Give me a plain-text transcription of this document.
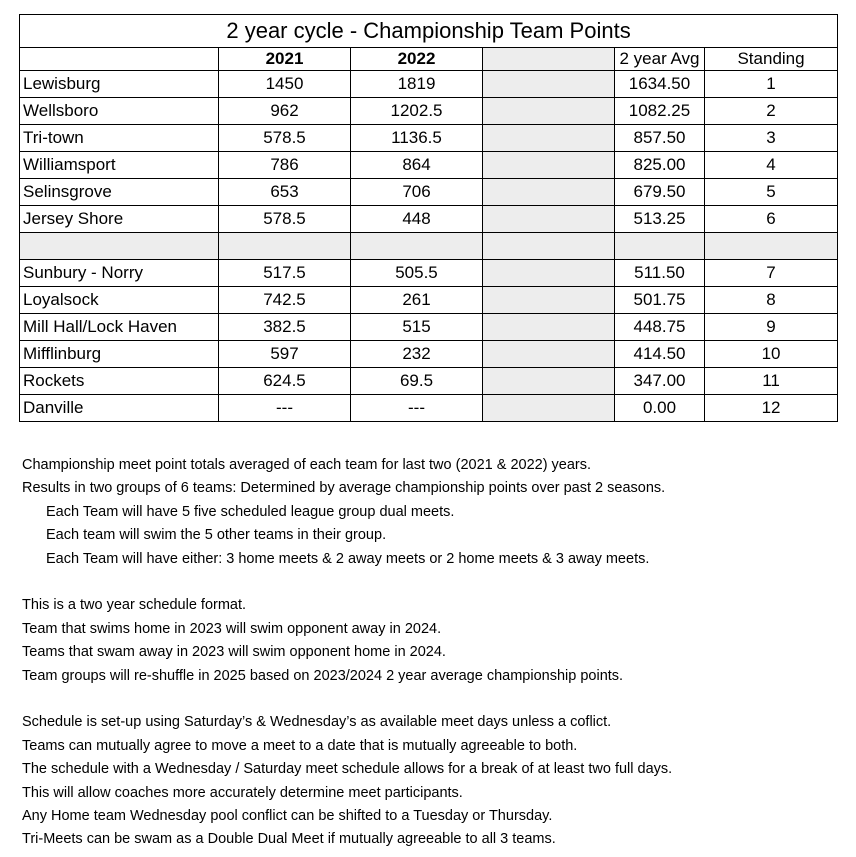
2 year cycle - Championship Team Points					
	2021	2022		2 year Avg	Standing
Lewisburg	1450	1819		1634.50	1
Wellsboro	962	1202.5		1082.25	2
Tri-town	578.5	1136.5		857.50	3
Williamsport	786	864		825.00	4
Selinsgrove	653	706		679.50	5
Jersey Shore	578.5	448		513.25	6

Sunbury - Norry	517.5	505.5		511.50	7
Loyalsock	742.5	261		501.75	8
Mill Hall/Lock Haven	382.5	515		448.75	9
Mifflinburg	597	232		414.50	10
Rockets	624.5	69.5		347.00	11
Danville	---	---		0.00	12

Championship meet point totals averaged of each team for last two (2021 & 2022) years.

Results in two groups of 6 teams: Determined by average championship points over past 2 seasons.

Each Team will have 5 five scheduled league group dual meets.

Each team will swim the 5 other teams in their group.

Each Team will have either: 3 home meets & 2 away meets or 2 home meets & 3 away meets.

This is a two year schedule format.

Team that swims home in 2023 will swim opponent away in 2024.

Teams that swam away in 2023 will swim opponent home in 2024.

Team groups will re-shuffle in 2025 based on 2023/2024 2 year average championship points.

Schedule is set-up using Saturday’s & Wednesday’s as available meet days unless a coflict.

Teams can mutually agree to move a meet to a date that is mutually agreeable to both.

The schedule with a Wednesday / Saturday meet schedule allows for a break of at least two full days.

This will allow coaches more accurately determine meet participants.

Any Home team Wednesday pool conflict can be shifted to a Tuesday or Thursday.

Tri-Meets can be swam as a Double Dual Meet if mutually agreeable to all 3 teams.
